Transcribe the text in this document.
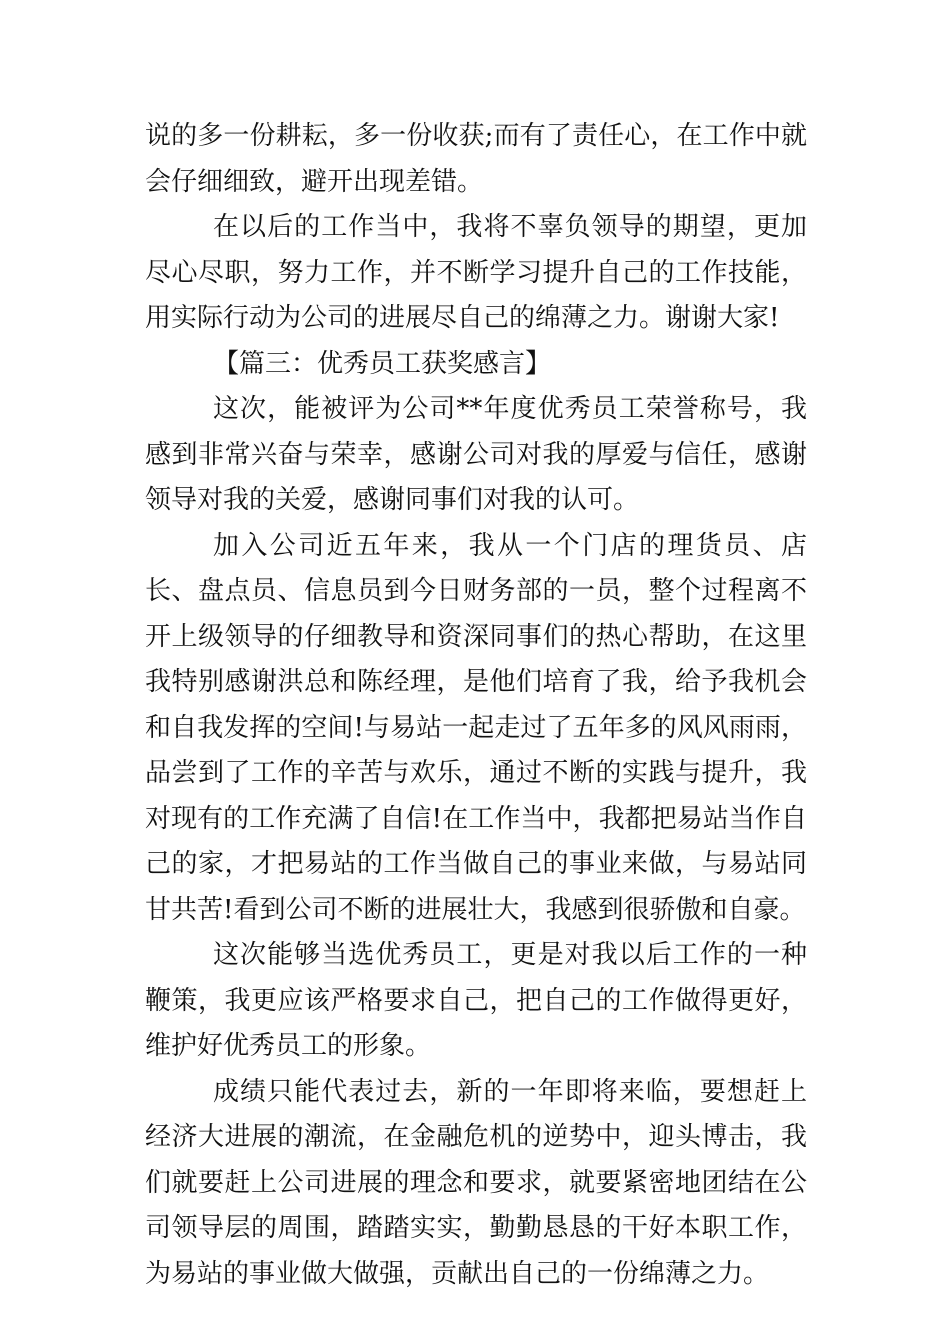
说的多一份耕耘，多一份收获;而有了责任心，在工作中就会仔细细致，避开出现差错。

在以后的工作当中，我将不辜负领导的期望，更加尽心尽职，努力工作，并不断学习提升自己的工作技能，用实际行动为公司的进展尽自己的绵薄之力。谢谢大家!

【篇三：优秀员工获奖感言】

这次，能被评为公司**年度优秀员工荣誉称号，我感到非常兴奋与荣幸，感谢公司对我的厚爱与信任，感谢领导对我的关爱，感谢同事们对我的认可。

加入公司近五年来，我从一个门店的理货员、店长、盘点员、信息员到今日财务部的一员，整个过程离不开上级领导的仔细教导和资深同事们的热心帮助，在这里我特别感谢洪总和陈经理，是他们培育了我，给予我机会和自我发挥的空间!与易站一起走过了五年多的风风雨雨，品尝到了工作的辛苦与欢乐，通过不断的实践与提升，我对现有的工作充满了自信!在工作当中，我都把易站当作自己的家，才把易站的工作当做自己的事业来做，与易站同甘共苦!看到公司不断的进展壮大，我感到很骄傲和自豪。

这次能够当选优秀员工，更是对我以后工作的一种鞭策，我更应该严格要求自己，把自己的工作做得更好，维护好优秀员工的形象。

成绩只能代表过去，新的一年即将来临，要想赶上经济大进展的潮流，在金融危机的逆势中，迎头博击，我们就要赶上公司进展的理念和要求，就要紧密地团结在公司领导层的周围，踏踏实实，勤勤恳恳的干好本职工作，为易站的事业做大做强，贡献出自己的一份绵薄之力。
